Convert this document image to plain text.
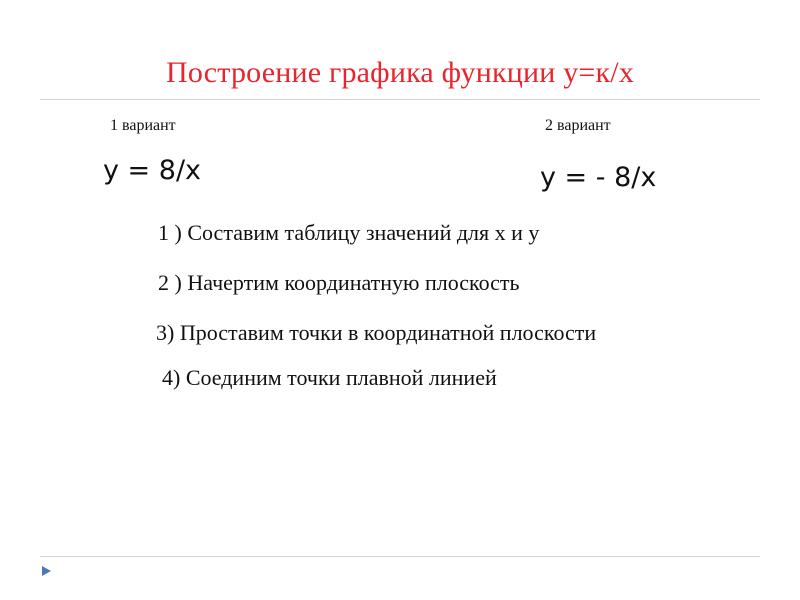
Построение графика функции y=к/x
1 вариант	2 вариант
y = 8/x	y = - 8/x
1 ) Составим таблицу значений для х и у
2 ) Начертим координатную плоскость
3) Проставим точки в координатной плоскости
4) Соединим точки плавной линией
